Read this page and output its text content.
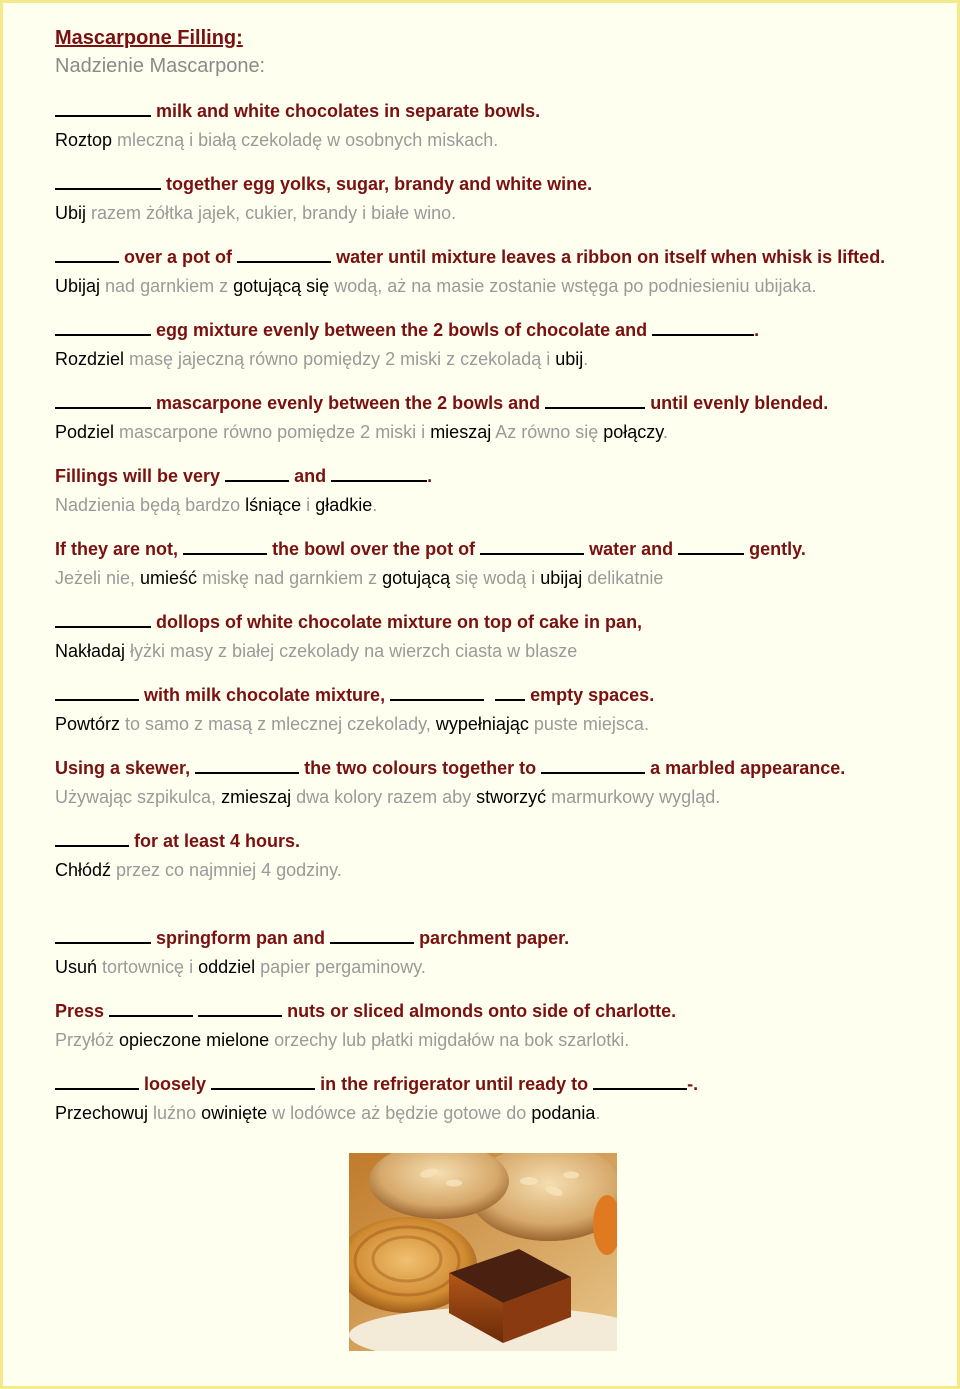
Mascarpone Filling:
Nadzienie Mascarpone:
milk and white chocolates in separate bowls.
Roztop mleczną i białą czekoladę w osobnych miskach.
together egg yolks, sugar, brandy and white wine.
Ubij razem żółtka jajek, cukier, brandy i białe wino.
over a pot of	water until mixture leaves a ribbon on itself when whisk is lifted.
Ubijaj nad garnkiem z gotującą się wodą, aż na masie zostanie wstęga po podniesieniu ubijaka.
egg mixture evenly between the 2 bowls of chocolate and	.
Rozdziel masę jajeczną równo pomiędzy 2 miski z czekoladą i ubij.
mascarpone evenly between the 2 bowls and	until evenly blended.
Podziel mascarpone równo pomiędze 2 miski i mieszaj Az równo się połączy.
Fillings will be very	and	.
Nadzienia będą bardzo lśniące i gładkie.
If they are not,	the bowl over the pot of	water and	gently.
Jeżeli nie, umieść miskę nad garnkiem z gotującą się wodą i ubijaj delikatnie
dollops of white chocolate mixture on top of cake in pan,
Nakładaj łyżki masy z białej czekolady na wierzch ciasta w blasze
with milk chocolate mixture,	empty spaces.
Powtórz to samo z masą z mlecznej czekolady, wypełniając puste miejsca.
Using a skewer,	the two colours together to	a marbled appearance.
Używając szpikulca, zmieszaj dwa kolory razem aby stworzyć marmurkowy wygląd.
for at least 4 hours.
Chłódź przez co najmniej 4 godziny.
springform pan and	parchment paper.
Usuń tortownicę i oddziel papier pergaminowy.
Press	nuts or sliced almonds onto side of charlotte.
Przyłóż opieczone mielone orzechy lub płatki migdałów na bok szarlotki.
loosely	in the refrigerator until ready to	-.
Przechowuj luźno owinięte w lodówce aż będzie gotowe do podania.
